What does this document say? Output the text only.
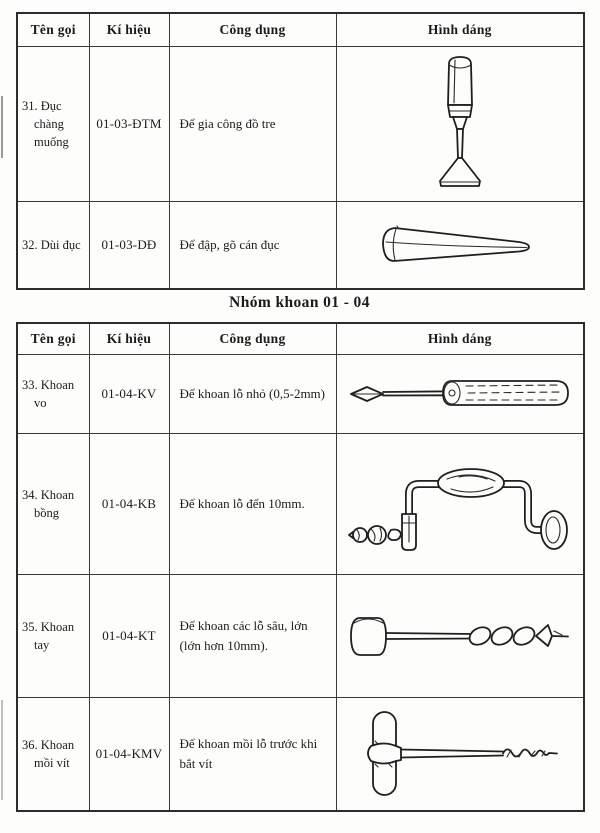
Tên gọi	Kí hiệu	Công dụng	Hình dáng

31. Đục chàng muống	01-03-ĐTM	Để gia công đồ tre

32. Dùi đục	01-03-DĐ	Để đập, gõ cán đục

Nhóm khoan 01 - 04
Tên gọi	Kí hiệu	Công dụng	Hình dáng

33. Khoan vo	01-04-KV	Để khoan lỗ nhỏ (0,5-2mm)

34. Khoan bồng	01-04-KB	Để khoan lỗ đến 10mm.

35. Khoan tay	01-04-KT	Để khoan các lỗ sâu, lớn (lớn hơn 10mm).

36. Khoan mồi vít	01-04-KMV	Để khoan mồi lỗ trước khi bắt vít
